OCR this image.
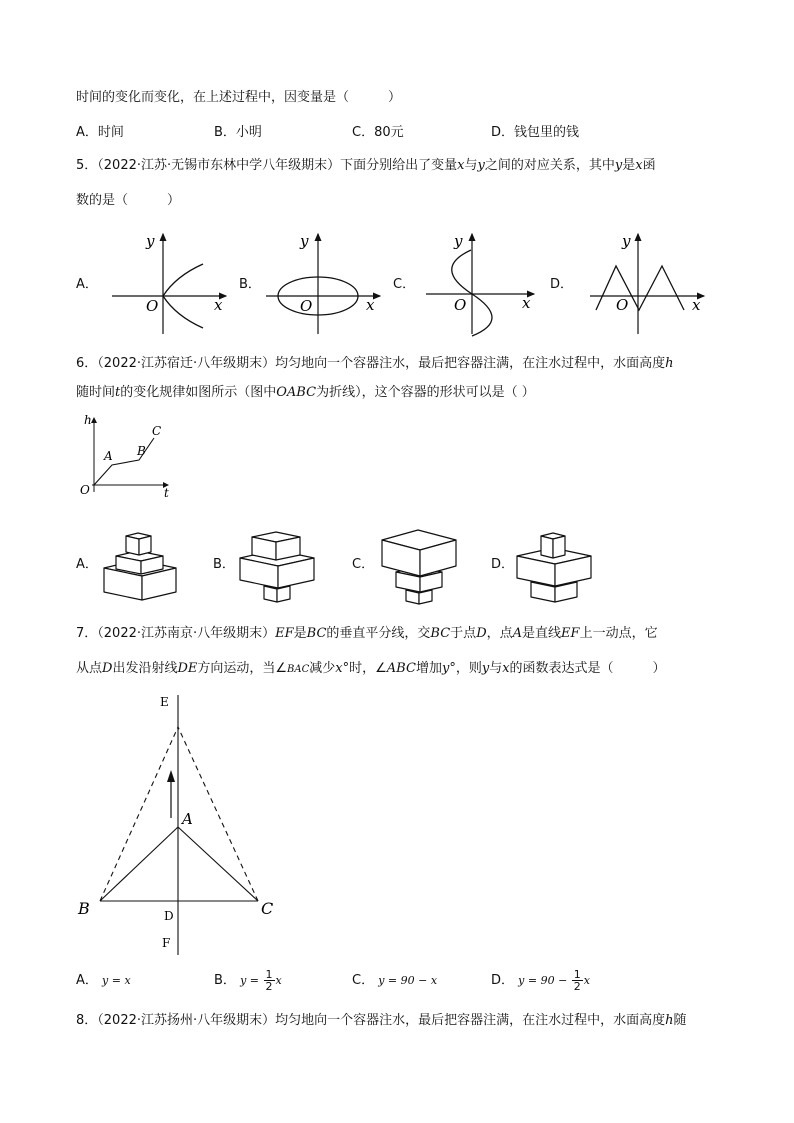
时间的变化而变化，在上述过程中，因变量是（　　　）
A．时间	B．小明	C．80元	D．钱包里的钱
5．（2022·江苏·无锡市东林中学八年级期末）下面分别给出了变量x与y之间的对应关系，其中y是x函
数的是（　　　）
A．	B．	C．	D．
y
x
O
y
x
O
y
x
O
y
x
O
6．（2022·江苏宿迁·八年级期末）均匀地向一个容器注水，最后把容器注满，在注水过程中，水面高度h
随时间t的变化规律如图所示（图中OABC为折线），这个容器的形状可以是（ ）
h
t
O
A B
C
A．	B．	C．	D．
7．（2022·江苏南京·八年级期末）EF是BC的垂直平分线，交BC于点D，点A是直线EF上一动点，它
从点D出发沿射线DE方向运动，当∠BAC减少x°时，∠ABC增加y°，则y与x的函数表达式是（　　　）
E
A
B	C
D
F
A． y = x	B． $y = \frac{1}{2}$ x	C． y = 90 − x	D． $y = 90 - \frac{1}{2}$ x
8．（2022·江苏扬州·八年级期末）均匀地向一个容器注水，最后把容器注满，在注水过程中，水面高度h随
